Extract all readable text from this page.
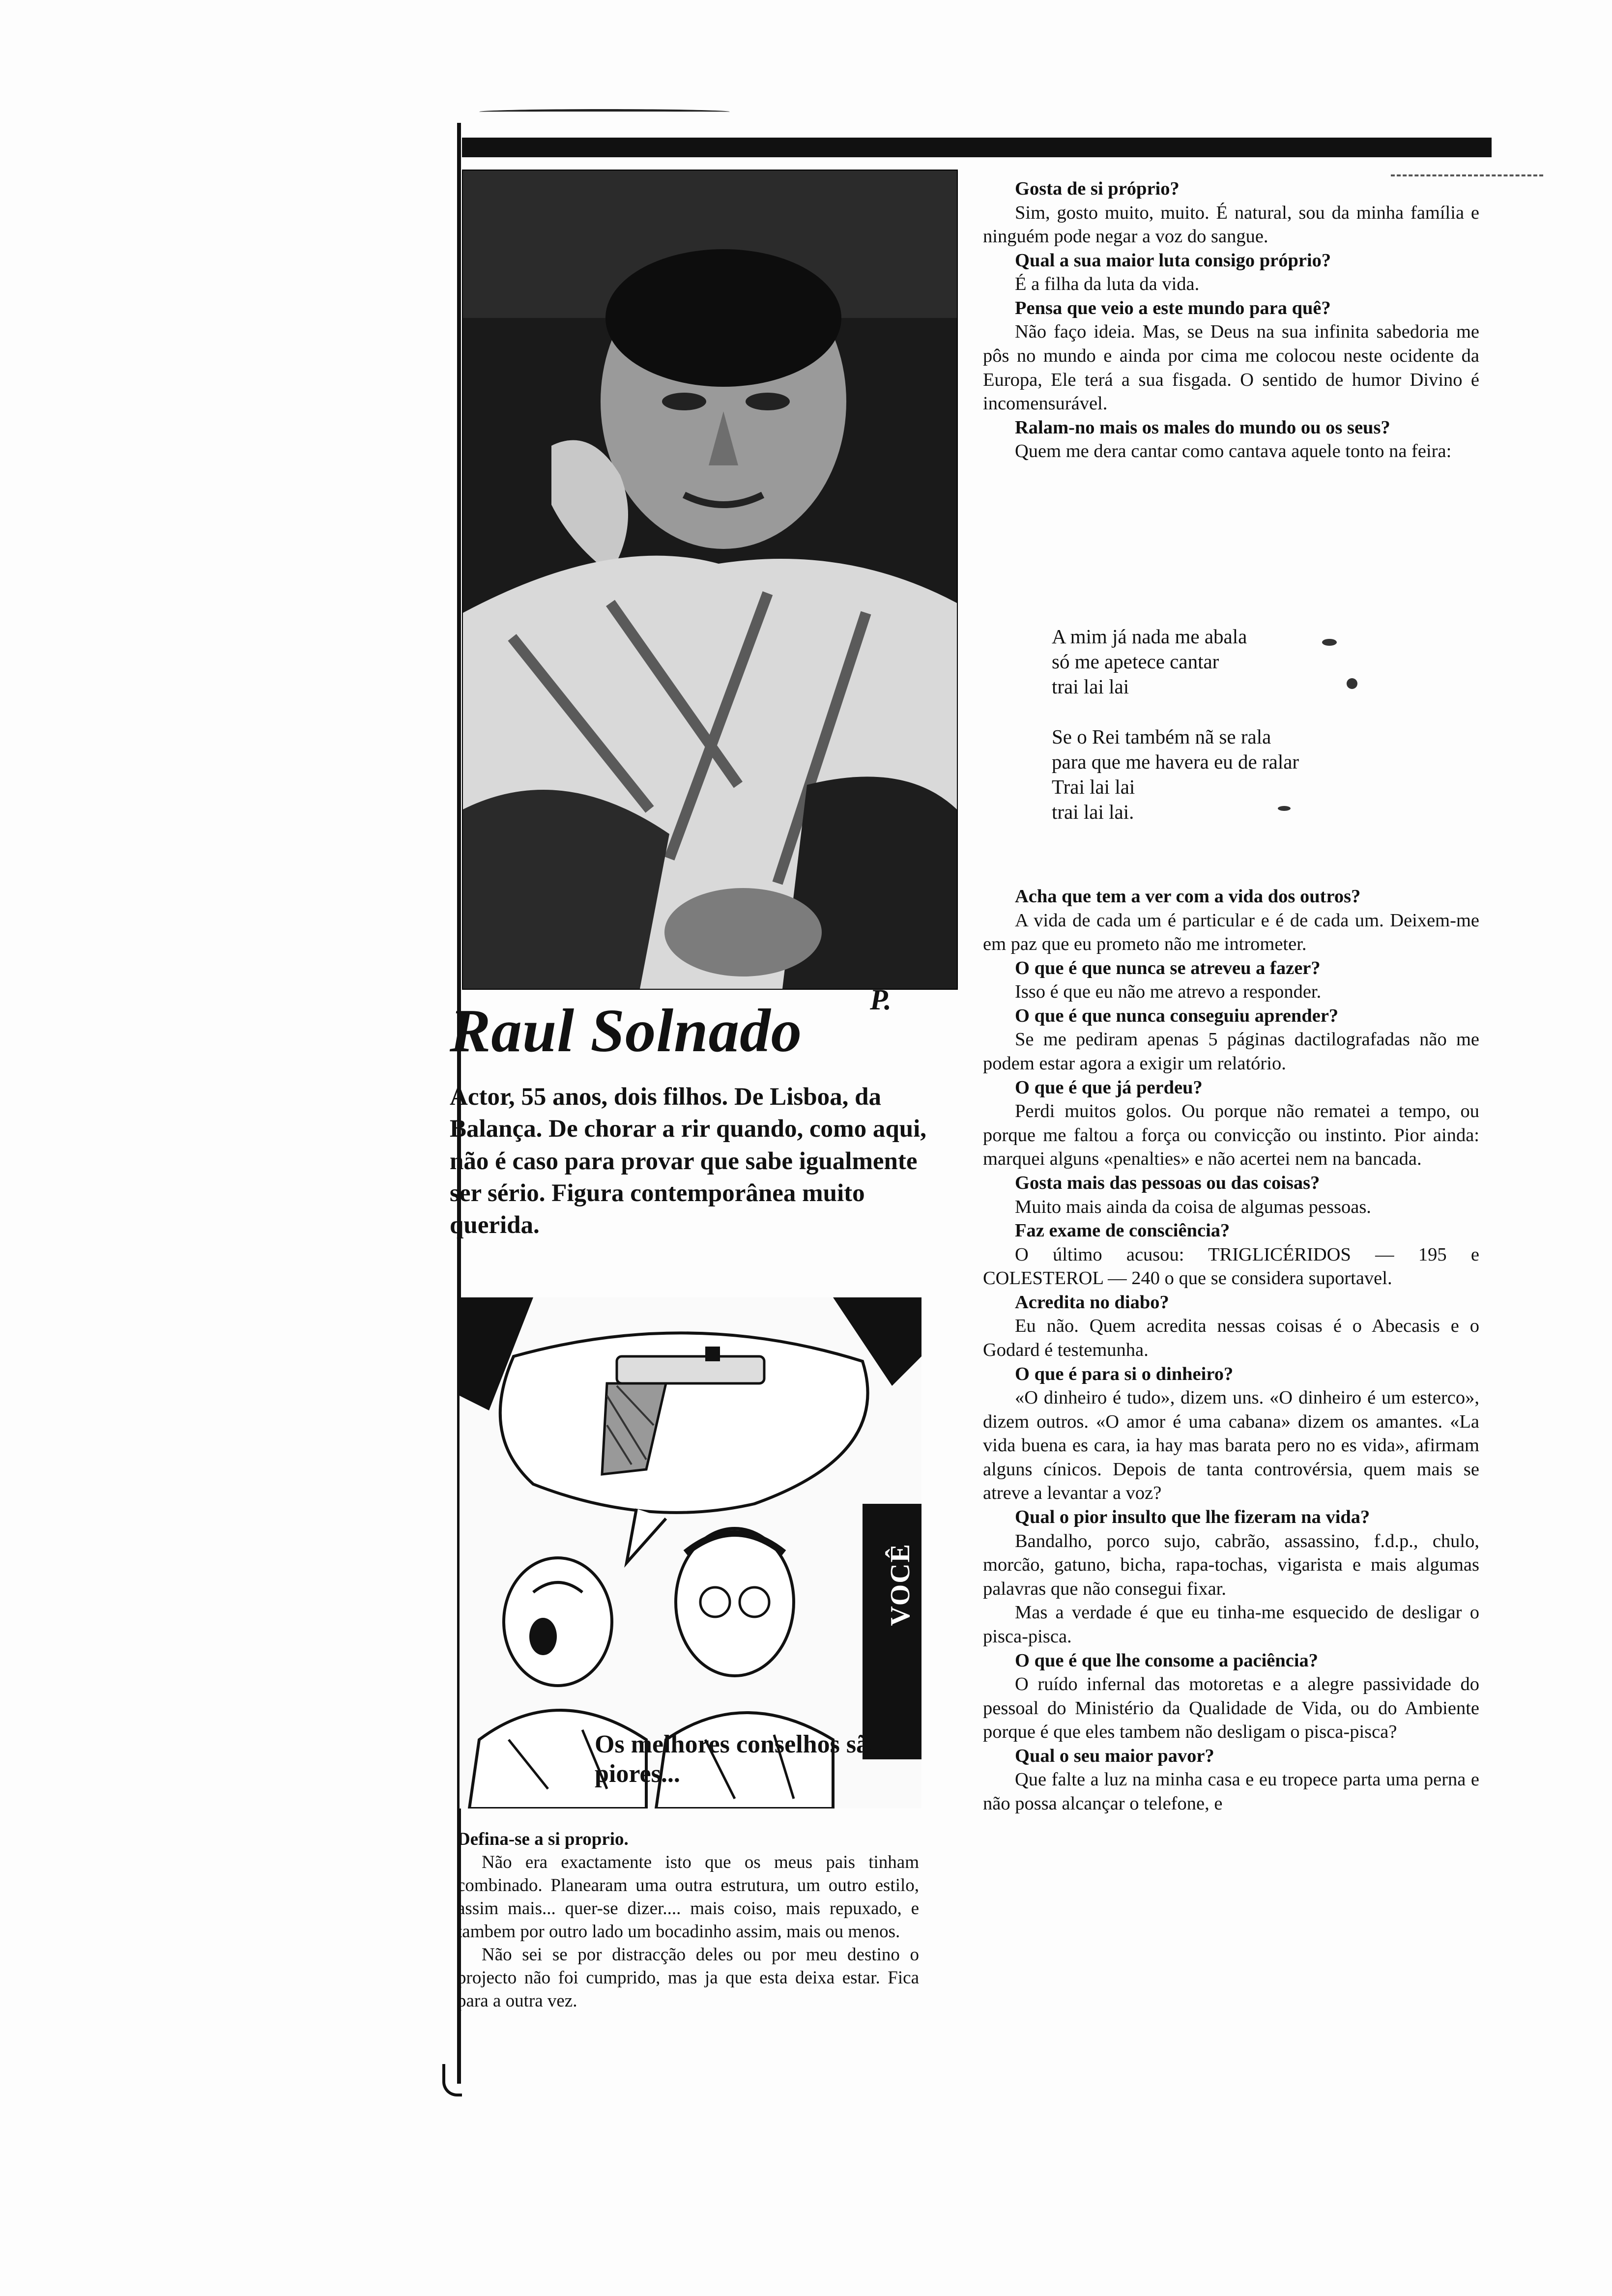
Raul Solnado	P.
Actor, 55 anos, dois filhos. De Lisboa, da Balança. De chorar a rir quando, como aqui, não é caso para provar que sabe igualmente ser sério. Figura contemporânea muito querida.
VOCÊ
Os melhores conselhos são os piores...
Defina-se a si proprio.

Não era exactamente isto que os meus pais tinham combinado. Planearam uma outra estrutura, um outro estilo, assim mais... quer-se dizer.... mais coiso, mais repuxado, e tambem por outro lado um bocadinho assim, mais ou menos.

Não sei se por distracção deles ou por meu destino o projecto não foi cumprido, mas ja que esta deixa estar. Fica para a outra vez.

Gosta de si próprio?
Sim, gosto muito, muito. É natural, sou da minha família e ninguém pode negar a voz do sangue.
Qual a sua maior luta consigo próprio?
É a filha da luta da vida.
Pensa que veio a este mundo para quê?
Não faço ideia. Mas, se Deus na sua infinita sabedoria me pôs no mundo e ainda por cima me colocou neste ocidente da Europa, Ele terá a sua fisgada. O sentido de humor Divino é incomensurável.
Ralam-no mais os males do mundo ou os seus?
Quem me dera cantar como cantava aquele tonto na feira:
A mim já nada me abala
só me apetece cantar
trai lai lai
Se o Rei também nã se rala
para que me havera eu de ralar
Trai lai lai
trai lai lai.
Acha que tem a ver com a vida dos outros?
A vida de cada um é particular e é de cada um. Deixem-me em paz que eu prometo não me intrometer.
O que é que nunca se atreveu a fazer?
Isso é que eu não me atrevo a responder.
O que é que nunca conseguiu aprender?
Se me pediram apenas 5 páginas dactilografadas não me podem estar agora a exigir um relatório.
O que é que já perdeu?
Perdi muitos golos. Ou porque não rematei a tempo, ou porque me faltou a força ou convicção ou instinto. Pior ainda: marquei alguns «penalties» e não acertei nem na bancada.
Gosta mais das pessoas ou das coisas?
Muito mais ainda da coisa de algumas pessoas.
Faz exame de consciência?
O último acusou: TRIGLICÉRIDOS — 195 e COLESTEROL — 240 o que se considera suportavel.
Acredita no diabo?
Eu não. Quem acredita nessas coisas é o Abecasis e o Godard é testemunha.
O que é para si o dinheiro?
«O dinheiro é tudo», dizem uns. «O dinheiro é um esterco», dizem outros. «O amor é uma cabana» dizem os amantes. «La vida buena es cara, ia hay mas barata pero no es vida», afirmam alguns cínicos. Depois de tanta controvérsia, quem mais se atreve a levantar a voz?
Qual o pior insulto que lhe fizeram na vida?
Bandalho, porco sujo, cabrão, assassino, f.d.p., chulo, morcão, gatuno, bicha, rapa-tochas, vigarista e mais algumas palavras que não consegui fixar.
Mas a verdade é que eu tinha-me esquecido de desligar o pisca-pisca.
O que é que lhe consome a paciência?
O ruído infernal das motoretas e a alegre passividade do pessoal do Ministério da Qualidade de Vida, ou do Ambiente porque é que eles tambem não desligam o pisca-pisca?
Qual o seu maior pavor?
Que falte a luz na minha casa e eu tropece parta uma perna e não possa alcançar o telefone, e
